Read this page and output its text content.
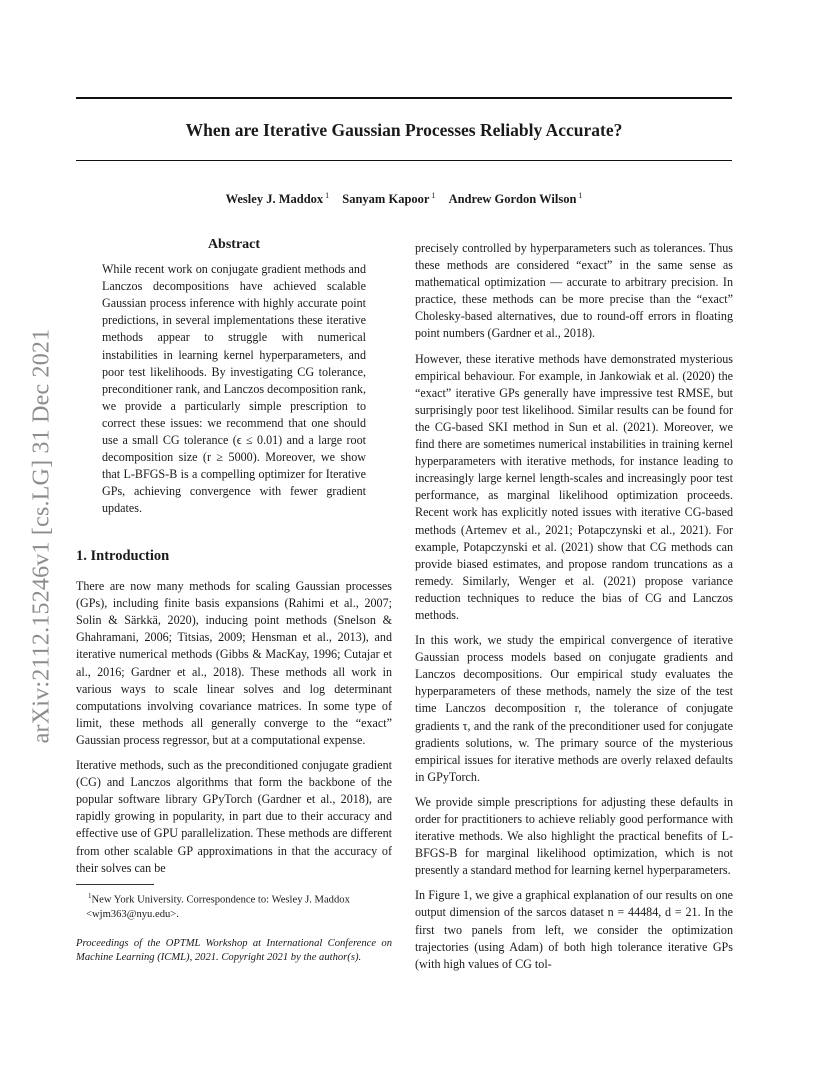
When are Iterative Gaussian Processes Reliably Accurate?
Wesley J. Maddox $^1$ Sanyam Kapoor $^1$ Andrew Gordon Wilson $^1$
arXiv:2112.15246v1 [cs.LG] 31 Dec 2021
Abstract

While recent work on conjugate gradient methods and Lanczos decompositions have achieved scalable Gaussian process inference with highly accurate point predictions, in several implementations these iterative methods appear to struggle with numerical instabilities in learning kernel hyperparameters, and poor test likelihoods. By investigating CG tolerance, preconditioner rank, and Lanczos decomposition rank, we provide a particularly simple prescription to correct these issues: we recommend that one should use a small CG tolerance (ϵ ≤ 0.01) and a large root decomposition size (r ≥ 5000). Moreover, we show that L-BFGS-B is a compelling optimizer for Iterative GPs, achieving convergence with fewer gradient updates.

1. Introduction

There are now many methods for scaling Gaussian processes (GPs), including finite basis expansions (Rahimi et al., 2007; Solin & Särkkä, 2020), inducing point methods (Snelson & Ghahramani, 2006; Titsias, 2009; Hensman et al., 2013), and iterative numerical methods (Gibbs & MacKay, 1996; Cutajar et al., 2016; Gardner et al., 2018). These methods all work in various ways to scale linear solves and log determinant computations involving covariance matrices. In some type of limit, these methods all generally converge to the “exact” Gaussian process regressor, but at a computational expense.

Iterative methods, such as the preconditioned conjugate gradient (CG) and Lanczos algorithms that form the backbone of the popular software library GPyTorch (Gardner et al., 2018), are rapidly growing in popularity, in part due to their accuracy and effective use of GPU parallelization. These methods are different from other scalable GP approximations in that the accuracy of their solves can be

$^1$New York University. Correspondence to: Wesley J. Maddox <wjm363@nyu.edu>.

Proceedings of the OPTML Workshop at International Conference on Machine Learning (ICML), 2021. Copyright 2021 by the author(s).

precisely controlled by hyperparameters such as tolerances. Thus these methods are considered “exact” in the same sense as mathematical optimization — accurate to arbitrary precision. In practice, these methods can be more precise than the “exact” Cholesky-based alternatives, due to round-off errors in floating point numbers (Gardner et al., 2018).

However, these iterative methods have demonstrated mysterious empirical behaviour. For example, in Jankowiak et al. (2020) the “exact” iterative GPs generally have impressive test RMSE, but surprisingly poor test likelihood. Similar results can be found for the CG-based SKI method in Sun et al. (2021). Moreover, we find there are sometimes numerical instabilities in training kernel hyperparameters with iterative methods, for instance leading to increasingly large kernel length-scales and increasingly poor test performance, as marginal likelihood optimization proceeds. Recent work has explicitly noted issues with iterative CG-based methods (Artemev et al., 2021; Potapczynski et al., 2021). For example, Potapczynski et al. (2021) show that CG methods can provide biased estimates, and propose random truncations as a remedy. Similarly, Wenger et al. (2021) propose variance reduction techniques to reduce the bias of CG and Lanczos methods.

In this work, we study the empirical convergence of iterative Gaussian process models based on conjugate gradients and Lanczos decompositions. Our empirical study evaluates the hyperparameters of these methods, namely the size of the test time Lanczos decomposition r, the tolerance of conjugate gradients τ, and the rank of the preconditioner used for conjugate gradients solutions, w. The primary source of the mysterious empirical issues for iterative methods are overly relaxed defaults in GPyTorch.

We provide simple prescriptions for adjusting these defaults in order for practitioners to achieve reliably good performance with iterative methods. We also highlight the practical benefits of L-BFGS-B for marginal likelihood optimization, which is not presently a standard method for learning kernel hyperparameters.

In Figure 1, we give a graphical explanation of our results on one output dimension of the sarcos dataset n = 44484, d = 21. In the first two panels from left, we consider the optimization trajectories (using Adam) of both high tolerance iterative GPs (with high values of CG tol-
